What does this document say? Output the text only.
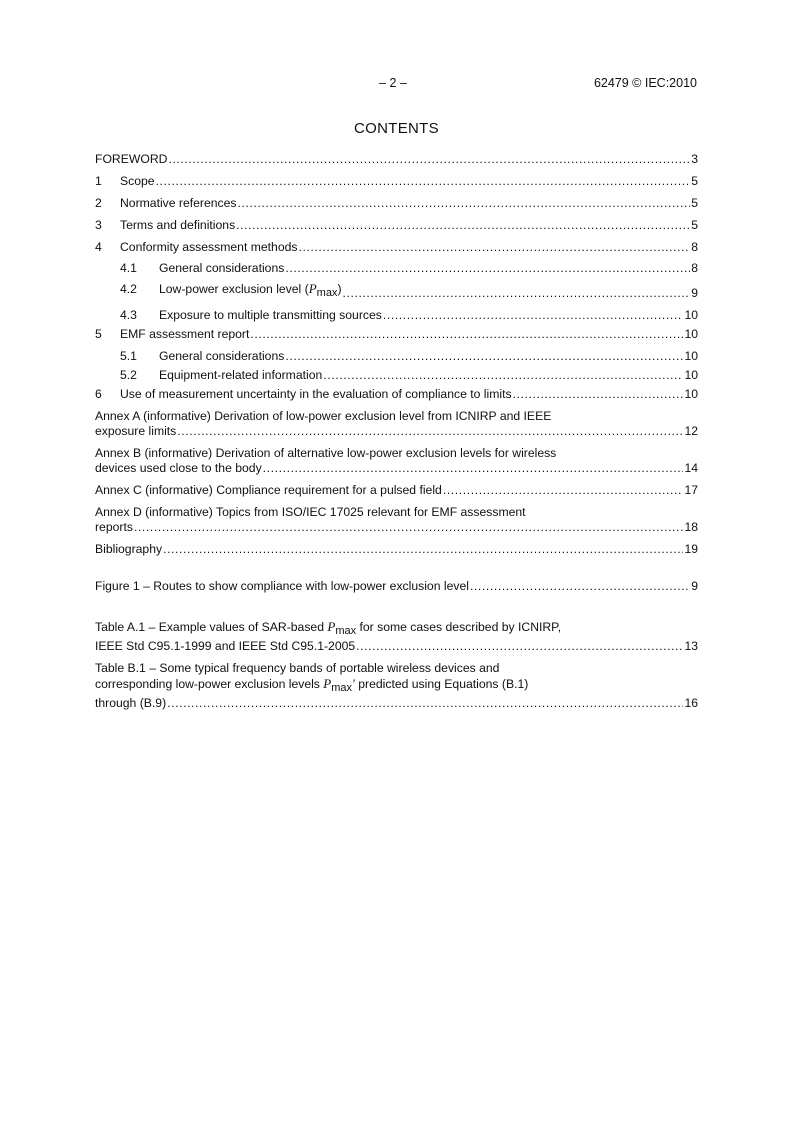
– 2 –	62479 © IEC:2010
CONTENTS
FOREWORD .....	3
1 Scope .....	5
2 Normative references .....	5
3 Terms and definitions .....	5
4 Conformity assessment methods .....	8
4.1 General considerations .....	8
4.2 Low-power exclusion level (Pmax) .....	9
4.3 Exposure to multiple transmitting sources .....	10
5 EMF assessment report .....	10
5.1 General considerations .....	10
5.2 Equipment-related information .....	10
6 Use of measurement uncertainty in the evaluation of compliance to limits .....	10
Annex A (informative) Derivation of low-power exclusion level from ICNIRP and IEEE
exposure limits .....	12
Annex B (informative) Derivation of alternative low-power exclusion levels for wireless
devices used close to the body .....	14
Annex C (informative) Compliance requirement for a pulsed field .....	17
Annex D (informative) Topics from ISO/IEC 17025 relevant for EMF assessment
reports .....	18
Bibliography .....	19
Figure 1 – Routes to show compliance with low-power exclusion level .....	9
Table A.1 – Example values of SAR-based Pmax for some cases described by ICNIRP,
IEEE Std C95.1-1999 and IEEE Std C95.1-2005 .....	13
Table B.1 – Some typical frequency bands of portable wireless devices and
corresponding low-power exclusion levels Pmax′ predicted using Equations (B.1)
through (B.9) .....	16
